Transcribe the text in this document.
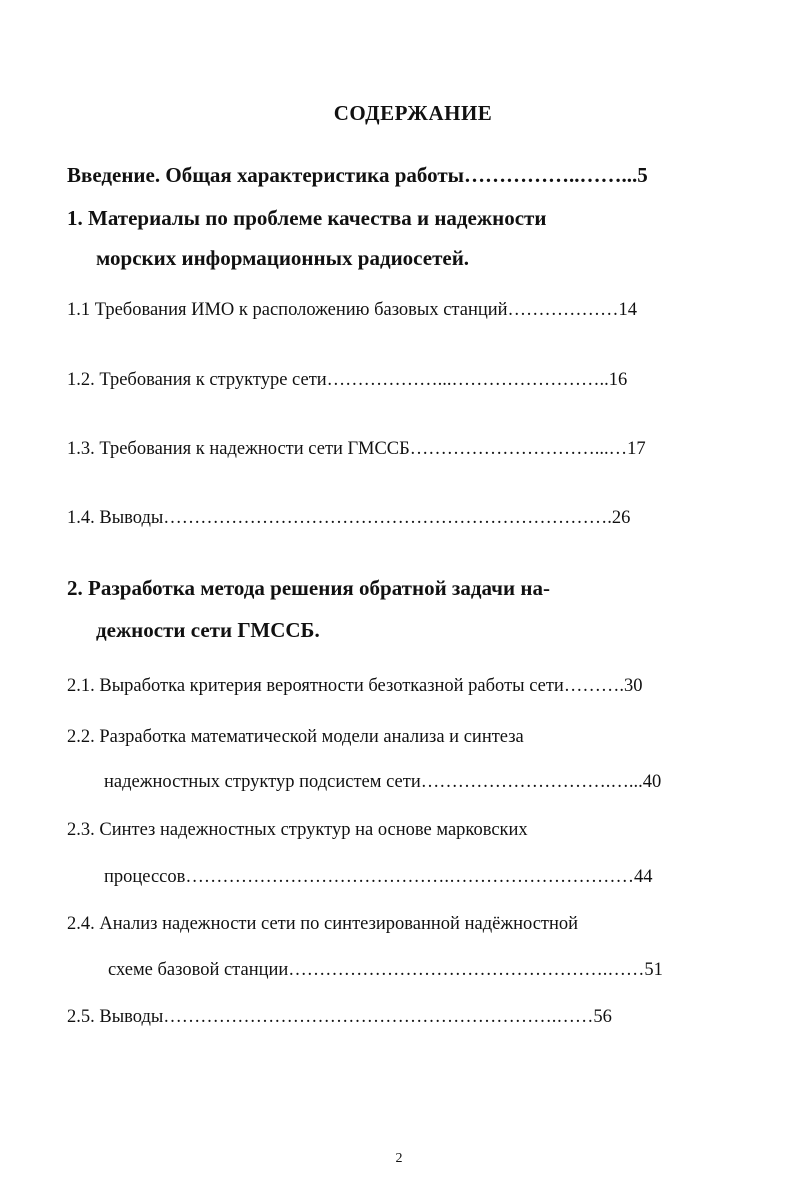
СОДЕРЖАНИЕ
Введение. Общая характеристика работы……………..……...5
1. Материалы по проблеме качества и надежности
морских информационных радиосетей.
1.1 Требования ИМО к расположению базовых станций………………14
1.2. Требования к структуре сети………………...……………………..16
1.3. Требования к надежности сети ГМССБ…………………………...…17
1.4. Выводы……………………………………………………………….26
2. Разработка метода решения обратной задачи на-
дежности сети ГМССБ.
2.1. Выработка критерия вероятности безотказной работы сети……….30
2.2. Разработка математической модели анализа и синтеза
надежностных структур подсистем сети………………………….…...40
2.3. Синтез надежностных структур на основе марковских
процессов…………………………………….…………………………44
2.4. Анализ надежности сети по синтезированной надёжностной
схеме базовой станции…………………………………………….……51
2.5. Выводы……………………………………………………….……56
2
